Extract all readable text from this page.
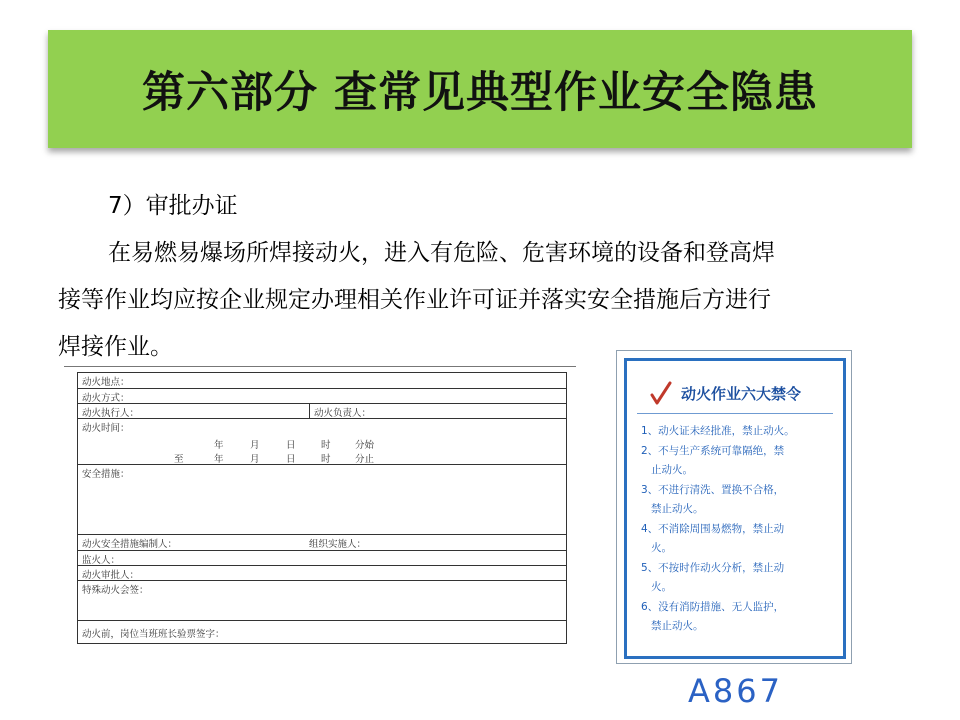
第六部分 查常见典型作业安全隐患
7）审批办证
在易燃易爆场所焊接动火，进入有危险、危害环境的设备和登高焊
接等作业均应按企业规定办理相关作业许可证并落实安全措施后方进行
焊接作业。
动火地点：
动火方式：
动火执行人：	动火负责人：
动火时间：
年	月	日	时	分始
至	年	月	日	时	分止
安全措施：
动火安全措施编制人：	组织实施人：
监火人：
动火审批人：
特殊动火会签：
动火前，岗位当班班长验票签字：
动火作业六大禁令
1、动火证未经批准，禁止动火。
2、不与生产系统可靠隔绝，禁
止动火。
3、不进行清洗、置换不合格，
禁止动火。
4、不消除周围易燃物，禁止动
火。
5、不按时作动火分析，禁止动
火。
6、没有消防措施、无人监护，
禁止动火。
A867
